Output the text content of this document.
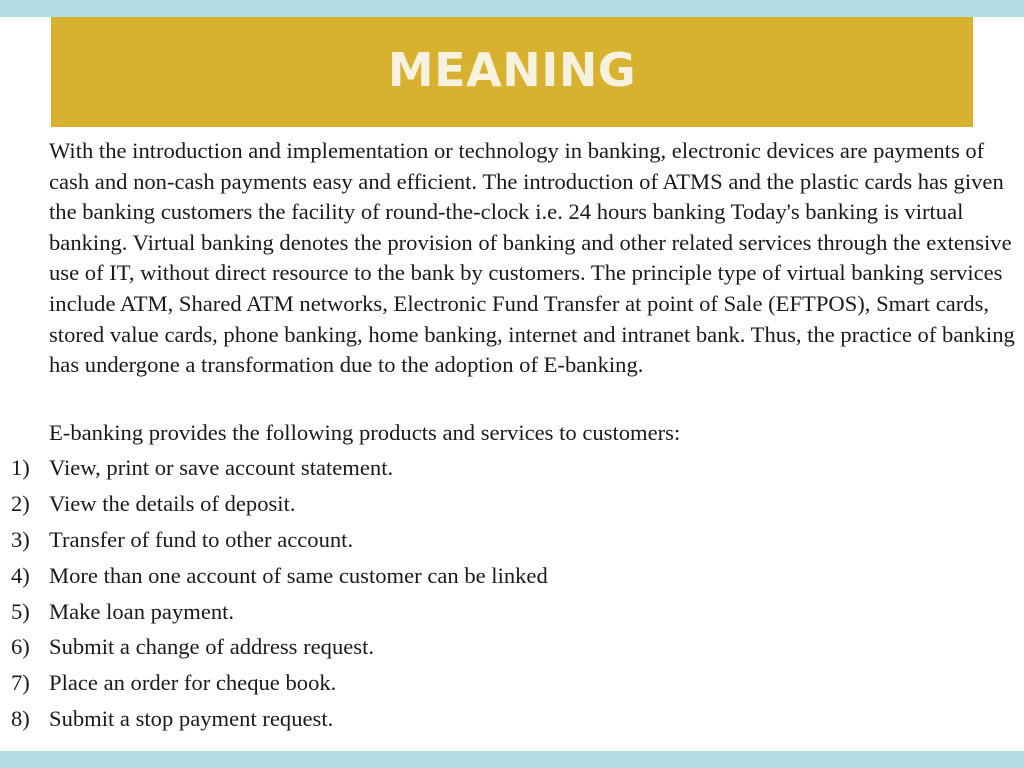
MEANING

With the introduction and implementation or technology in banking, electronic devices are payments of cash and non-cash payments easy and efficient. The introduction of ATMS and the plastic cards has given the banking customers the facility of round-the-clock i.e. 24 hours banking Today's banking is virtual banking. Virtual banking denotes the provision of banking and other related services through the extensive use of IT, without direct resource to the bank by customers. The principle type of virtual banking services include ATM, Shared ATM networks, Electronic Fund Transfer at point of Sale (EFTPOS), Smart cards, stored value cards, phone banking, home banking, internet and intranet bank. Thus, the practice of banking has undergone a transformation due to the adoption of E-banking.

E-banking provides the following products and services to customers:

1) View, print or save account statement.
2) View the details of deposit.
3) Transfer of fund to other account.
4) More than one account of same customer can be linked
5) Make loan payment.
6) Submit a change of address request.
7) Place an order for cheque book.
8) Submit a stop payment request.
